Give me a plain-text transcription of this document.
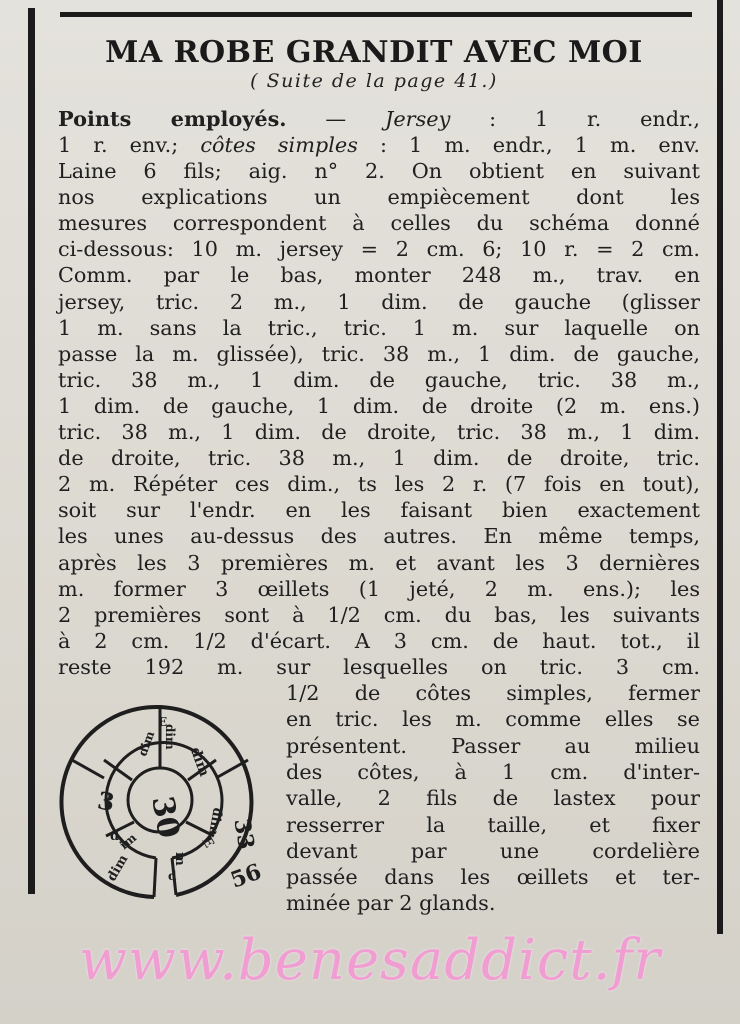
MA ROBE GRANDIT AVEC MOI
( Suite de la page 41.)
Points employés. — Jersey : 1 r. endr.,
1 r. env.; côtes simples : 1 m. endr., 1 m. env.
Laine 6 fils; aig. n° 2. On obtient en suivant
nos explications un empiècement dont les
mesures correspondent à celles du schéma donné
ci-dessous: 10 m. jersey = 2 cm. 6; 10 r. = 2 cm.
Comm. par le bas, monter 248 m., trav. en
jersey, tric. 2 m., 1 dim. de gauche (glisser
1 m. sans la tric., tric. 1 m. sur laquelle on
passe la m. glissée), tric. 38 m., 1 dim. de gauche,
tric. 38 m., 1 dim. de gauche, tric. 38 m.,
1 dim. de gauche, 1 dim. de droite (2 m. ens.)
tric. 38 m., 1 dim. de droite, tric. 38 m., 1 dim.
de droite, tric. 38 m., 1 dim. de droite, tric.
2 m. Répéter ces dim., ts les 2 r. (7 fois en tout),
soit sur l'endr. en les faisant bien exactement
les unes au-dessus des autres. En même temps,
après les 3 premières m. et avant les 3 dernières
m. former 3 œillets (1 jeté, 2 m. ens.); les
2 premières sont à 1/2 cm. du bas, les suivants
à 2 cm. 1/2 d'écart. A 3 cm. de haut. tot., il
reste 192 m. sur lesquelles on tric. 3 cm.
1/2 de côtes simples, fermer
en tric. les m. comme elles se
présentent. Passer au milieu
des côtes, à 1 cm. d'inter-
valle, 2 fils de lastex pour
resserrer la taille, et fixer
devant par une cordelière
passée dans les œillets et ter-
minée par 2 glands.
30
56
33
3
dim
dim
dim
dim dim
d
im
m
E
E
d
www.benesaddict.fr
